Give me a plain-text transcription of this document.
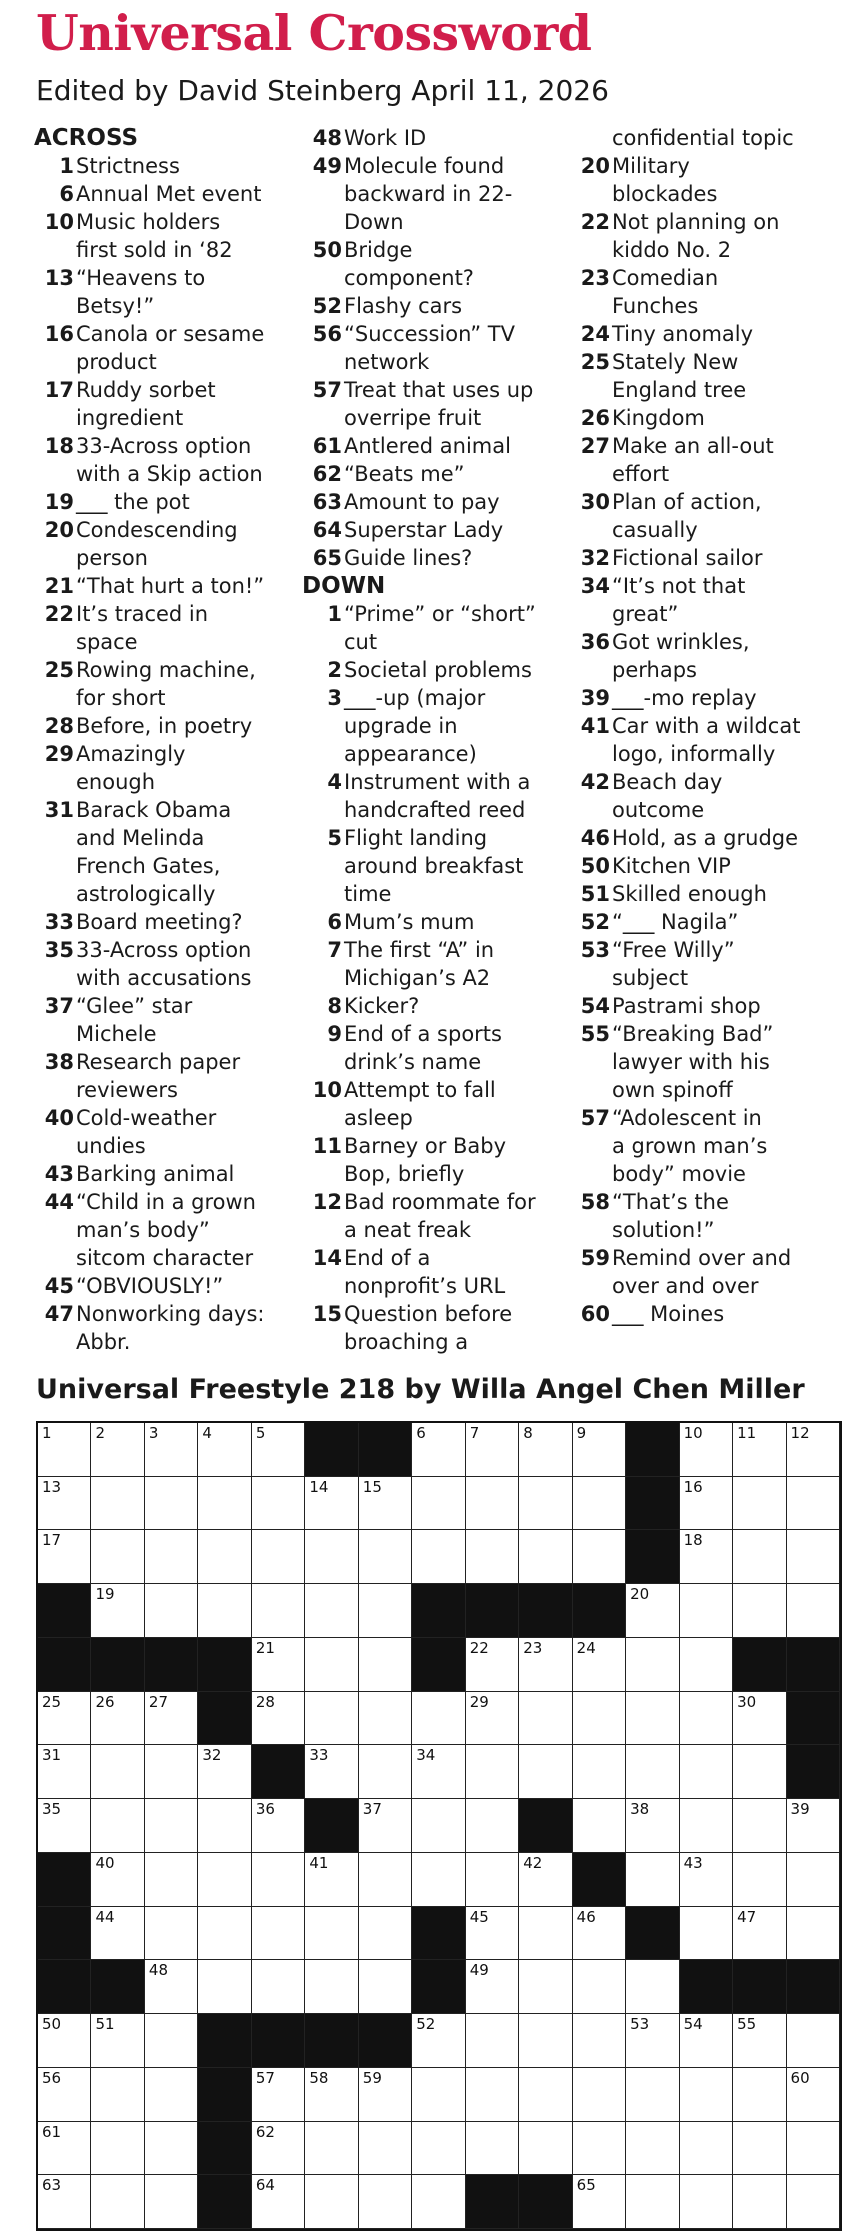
Universal Crossword
Edited by David Steinberg April 11, 2026
ACROSS
1 Strictness
6 Annual Met event
10 Music holders
first sold in ‘82
13 “Heavens to
Betsy!”
16 Canola or sesame
product
17 Ruddy sorbet
ingredient
18 33-Across option
with a Skip action
19 ___ the pot
20 Condescending
person
21 “That hurt a ton!”
22 It’s traced in
space
25 Rowing machine,
for short
28 Before, in poetry
29 Amazingly
enough
31 Barack Obama
and Melinda
French Gates,
astrologically
33 Board meeting?
35 33-Across option
with accusations
37 “Glee” star
Michele
38 Research paper
reviewers
40 Cold-weather
undies
43 Barking animal
44 “Child in a grown
man’s body”
sitcom character
45 “OBVIOUSLY!”
47 Nonworking days:
Abbr.
48 Work ID
49 Molecule found
backward in 22-
Down
50 Bridge
component?
52 Flashy cars
56 “Succession” TV
network
57 Treat that uses up
overripe fruit
61 Antlered animal
62 “Beats me”
63 Amount to pay
64 Superstar Lady
65 Guide lines?
DOWN
1 “Prime” or “short”
cut
2 Societal problems
3 ___-up (major
upgrade in
appearance)
4 Instrument with a
handcrafted reed
5 Flight landing
around breakfast
time
6 Mum’s mum
7 The first “A” in
Michigan’s A2
8 Kicker?
9 End of a sports
drink’s name
10 Attempt to fall
asleep
11 Barney or Baby
Bop, briefly
12 Bad roommate for
a neat freak
14 End of a
nonprofit’s URL
15 Question before
broaching a
confidential topic
20 Military
blockades
22 Not planning on
kiddo No. 2
23 Comedian
Funches
24 Tiny anomaly
25 Stately New
England tree
26 Kingdom
27 Make an all-out
effort
30 Plan of action,
casually
32 Fictional sailor
34 “It’s not that
great”
36 Got wrinkles,
perhaps
39 ___-mo replay
41 Car with a wildcat
logo, informally
42 Beach day
outcome
46 Hold, as a grudge
50 Kitchen VIP
51 Skilled enough
52 “___ Nagila”
53 “Free Willy”
subject
54 Pastrami shop
55 “Breaking Bad”
lawyer with his
own spinoff
57 “Adolescent in
a grown man’s
body” movie
58 “That’s the
solution!”
59 Remind over and
over and over
60 ___ Moines
Universal Freestyle 218 by Willa Angel Chen Miller
1	2	3	4	5	6	7	8	9	10 11 12
13	14 15	16
17	18
19	20
21	22 23 24
25 26 27	28	29	30
31	32	33	34
35	36	37	38	39
40	41	42	43
44	45	46	47
48	49
50 51	52	53 54 55
56	57 58 59	60
61	62
63	64	65
